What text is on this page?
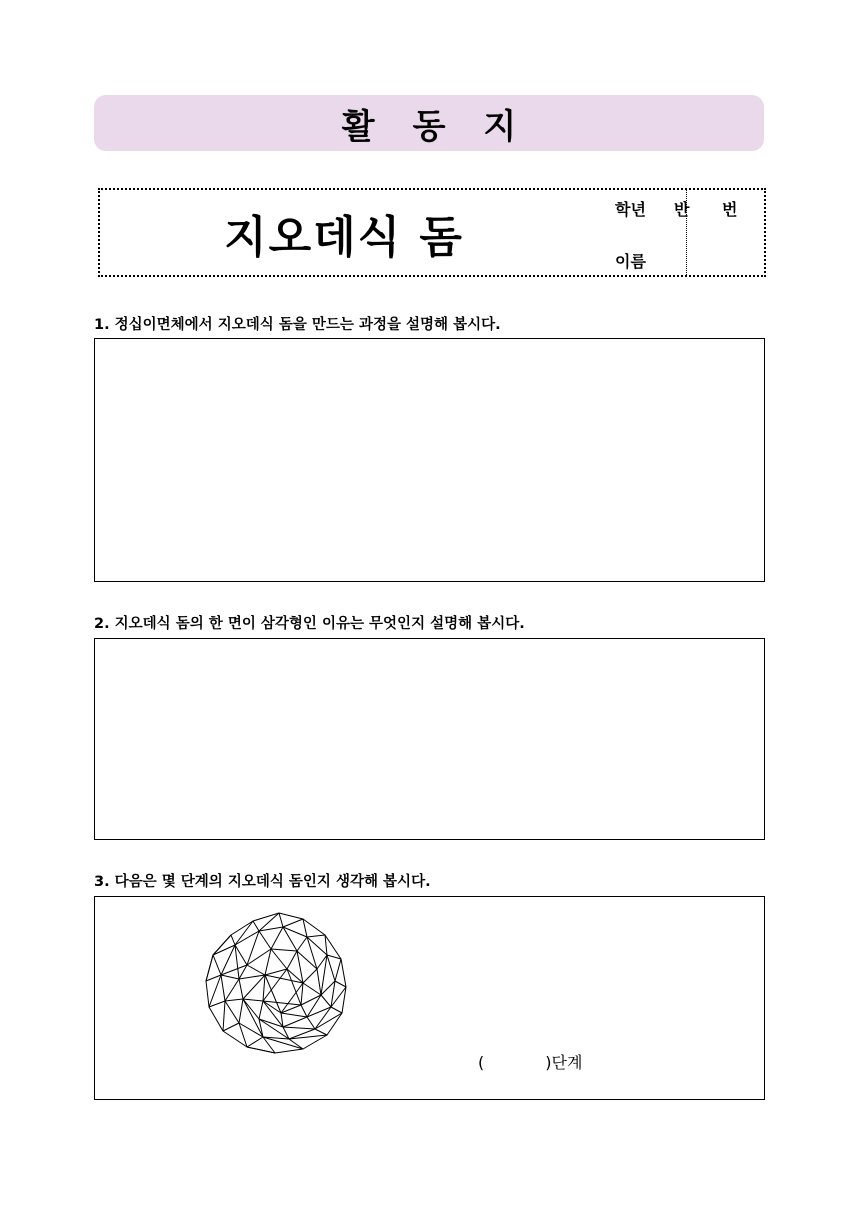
활동지
지오데식 돔
학년 반 번
이름
1. 정십이면체에서 지오데식 돔을 만드는 과정을 설명해 봅시다.
2. 지오데식 돔의 한 면이 삼각형인 이유는 무엇인지 설명해 봅시다.
3. 다음은 몇 단계의 지오데식 돔인지 생각해 봅시다.
(            )단계
